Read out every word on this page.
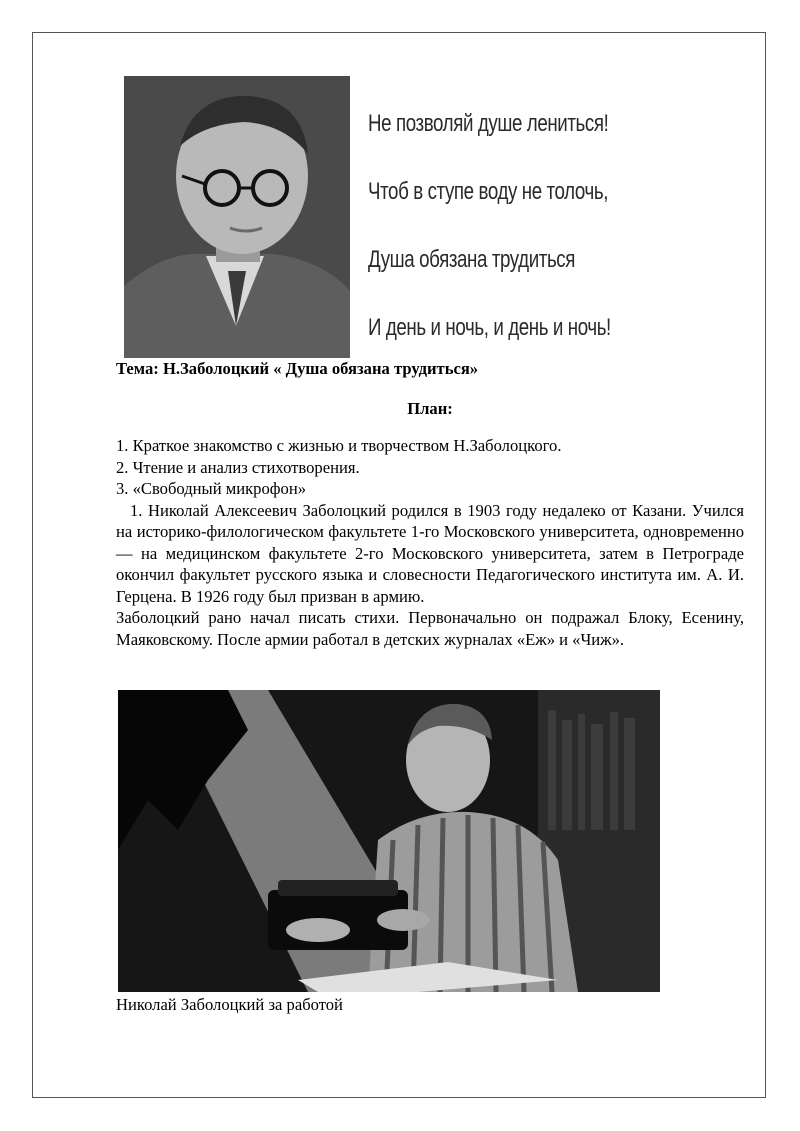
Не позволяй душе лениться!
Чтоб в ступе воду не толочь,
Душа обязана трудиться
И день и ночь, и день и ночь!

Тема: Н.Заболоцкий « Душа обязана трудиться»

План:

1. Краткое знакомство с жизнью и творчеством Н.Заболоцкого.
2. Чтение и анализ стихотворения.
3. «Свободный микрофон»

1. Николай Алексеевич Заболоцкий родился в 1903 году недалеко от Казани. Учился на историко-филологическом факультете 1-го Московского университета, одновременно — на медицинском факультете 2-го Московского университета, затем в Петрограде окончил факультет русского языка и словесности Педагогического института им. А. И. Герцена. В 1926 году был призван в армию.

Заболоцкий рано начал писать стихи. Первоначально он подражал Блоку, Есенину, Маяковскому. После армии работал в детских журналах «Еж» и «Чиж».

Николай Заболоцкий за работой
